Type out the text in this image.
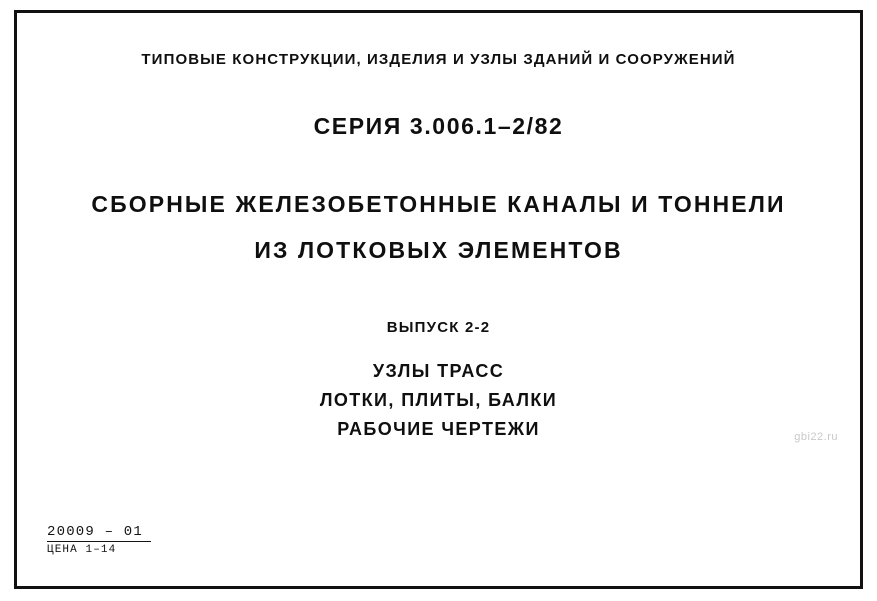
ТИПОВЫЕ КОНСТРУКЦИИ, ИЗДЕЛИЯ И УЗЛЫ ЗДАНИЙ И СООРУЖЕНИЙ
СЕРИЯ 3.006.1–2/82
СБОРНЫЕ ЖЕЛЕЗОБЕТОННЫЕ КАНАЛЫ И ТОННЕЛИ
ИЗ ЛОТКОВЫХ ЭЛЕМЕНТОВ
ВЫПУСК 2-2
УЗЛЫ ТРАСС
ЛОТКИ, ПЛИТЫ, БАЛКИ
РАБОЧИЕ ЧЕРТЕЖИ	gbi22.ru
20009 – 01
ЦЕНА 1–14
